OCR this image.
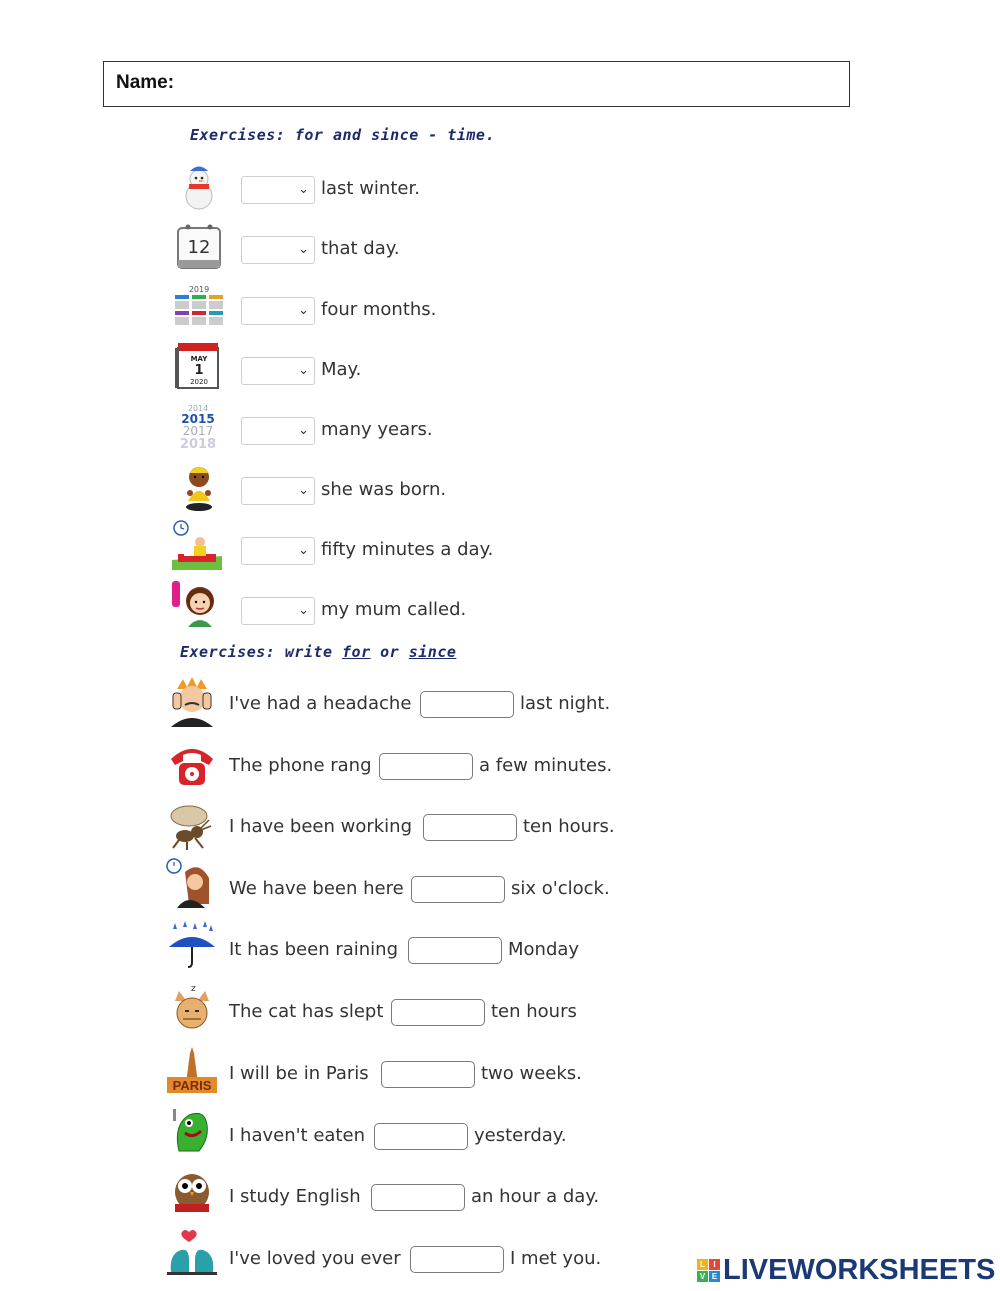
Name:
Exercises: for and since - time.
⌄ last winter.
12	⌄ that day.
2019
⌄ four months.
MAY
1
2020
⌄ May.
2014
2015
2017
2018
⌄ many years.
⌄ she was born.
⌄ fifty minutes a day.
⌄ my mum called.
Exercises: write for or since
I've had a headache	last night.
The phone rang	a few minutes.
I have been working	ten hours.
We have been here	six o'clock.
It has been raining	Monday
z
The cat has slept	ten hours
PARIS
I will be in Paris	two weeks.
I haven't eaten	yesterday.
I study English	an hour a day.
I've loved you ever	I met you.	L	I
V E LIVEWORKSHEETS
